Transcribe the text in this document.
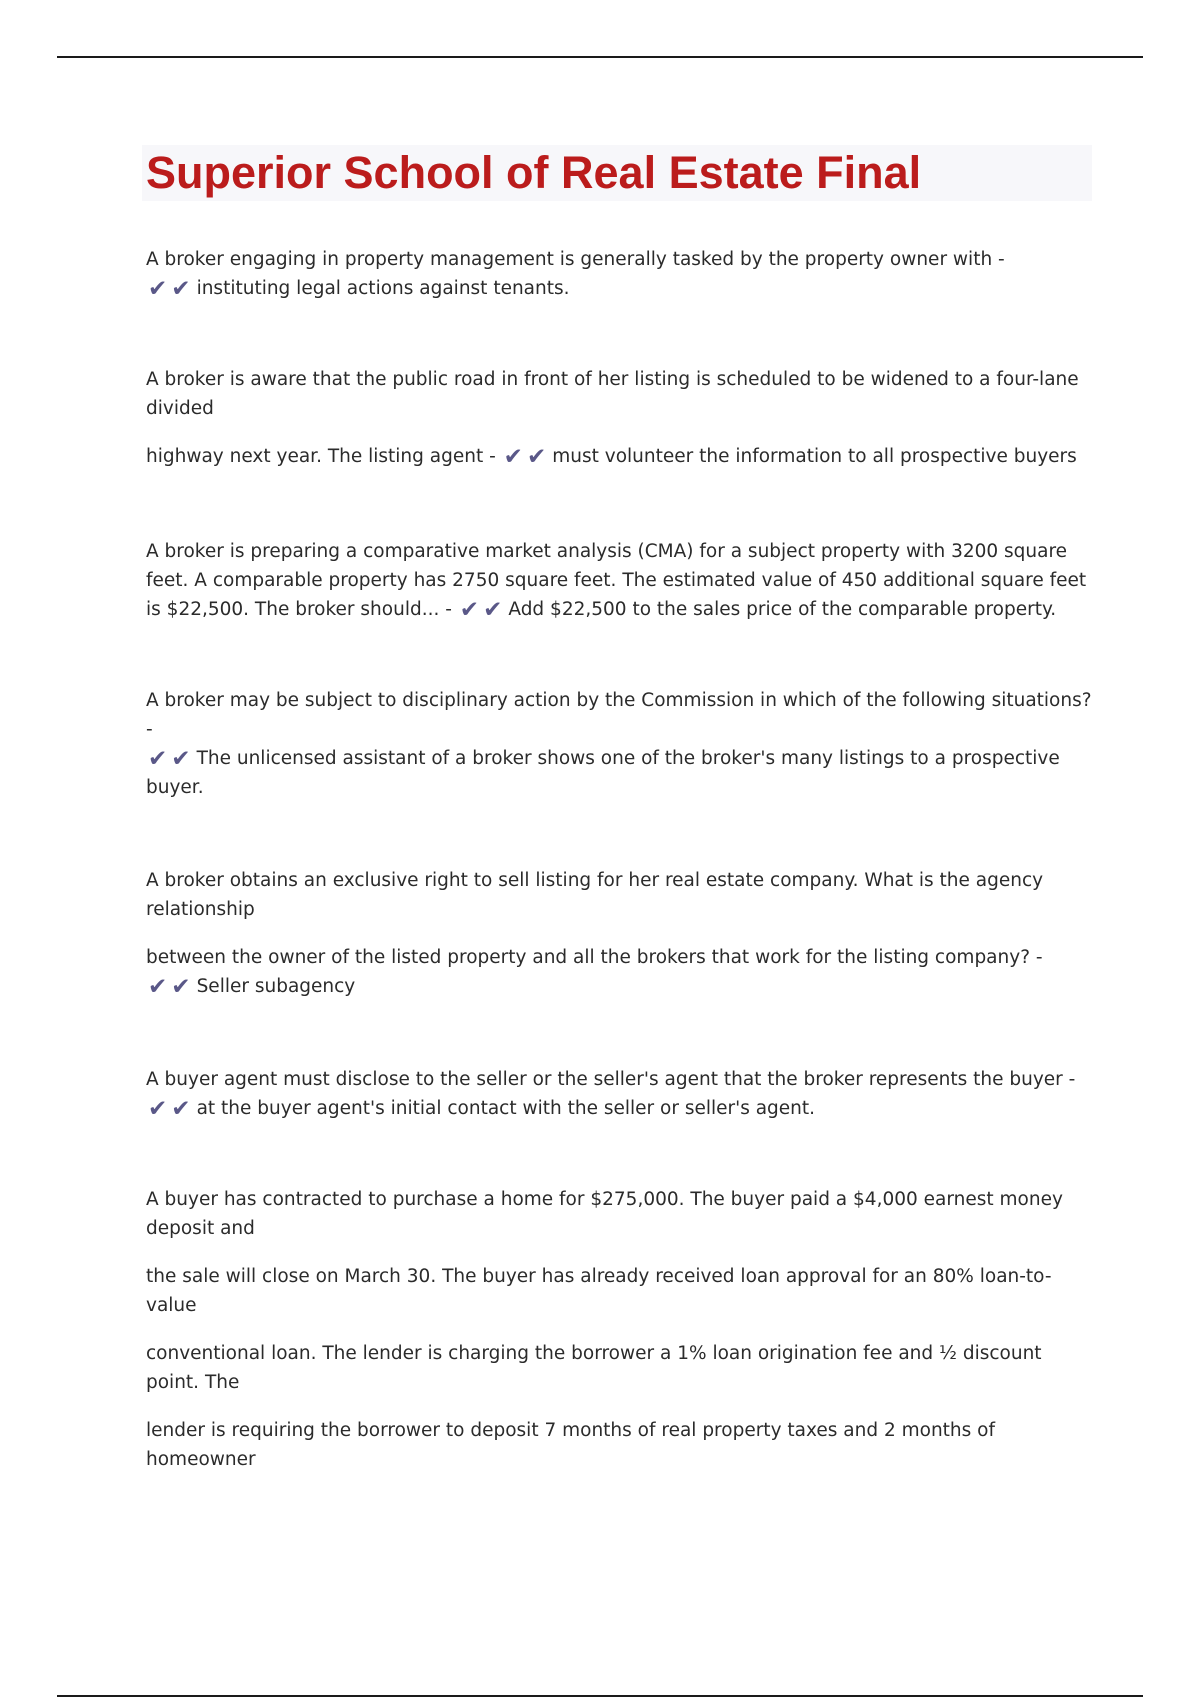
Superior School of Real Estate Final

A broker engaging in property management is generally tasked by the property owner with -

✔✔ instituting legal actions against tenants.

A broker is aware that the public road in front of her listing is scheduled to be widened to a four-lane divided

highway next year. The listing agent - ✔✔ must volunteer the information to all prospective buyers

A broker is preparing a comparative market analysis (CMA) for a subject property with 3200 square feet. A comparable property has 2750 square feet. The estimated value of 450 additional square feet is $22,500. The broker should... - ✔✔ Add $22,500 to the sales price of the comparable property.

A broker may be subject to disciplinary action by the Commission in which of the following situations? -

✔✔ The unlicensed assistant of a broker shows one of the broker's many listings to a prospective buyer.

A broker obtains an exclusive right to sell listing for her real estate company. What is the agency relationship

between the owner of the listed property and all the brokers that work for the listing company? -

✔✔ Seller subagency

A buyer agent must disclose to the seller or the seller's agent that the broker represents the buyer -

✔✔ at the buyer agent's initial contact with the seller or seller's agent.

A buyer has contracted to purchase a home for $275,000. The buyer paid a $4,000 earnest money deposit and

the sale will close on March 30. The buyer has already received loan approval for an 80% loan-to-value

conventional loan. The lender is charging the borrower a 1% loan origination fee and ½ discount point. The

lender is requiring the borrower to deposit 7 months of real property taxes and 2 months of homeowner
